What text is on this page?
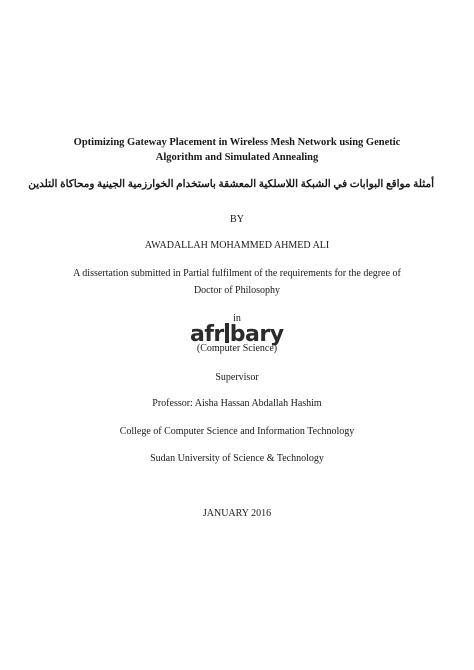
Optimizing Gateway Placement in Wireless Mesh Network using Genetic
Algorithm and Simulated Annealing
أمثلة مواقع البوابات في الشبكة اللاسلكية المعشقة باستخدام الخوارزمية الجينية ومحاكاة التلدين
BY
AWADALLAH MOHAMMED AHMED ALI
A dissertation submitted in Partial fulfilment of the requirements for the degree of
Doctor of Philosophy
in
afr bary
(Computer Science)
Supervisor
Professor: Aisha Hassan Abdallah Hashim
College of Computer Science and Information Technology
Sudan University of Science & Technology
JANUARY 2016
